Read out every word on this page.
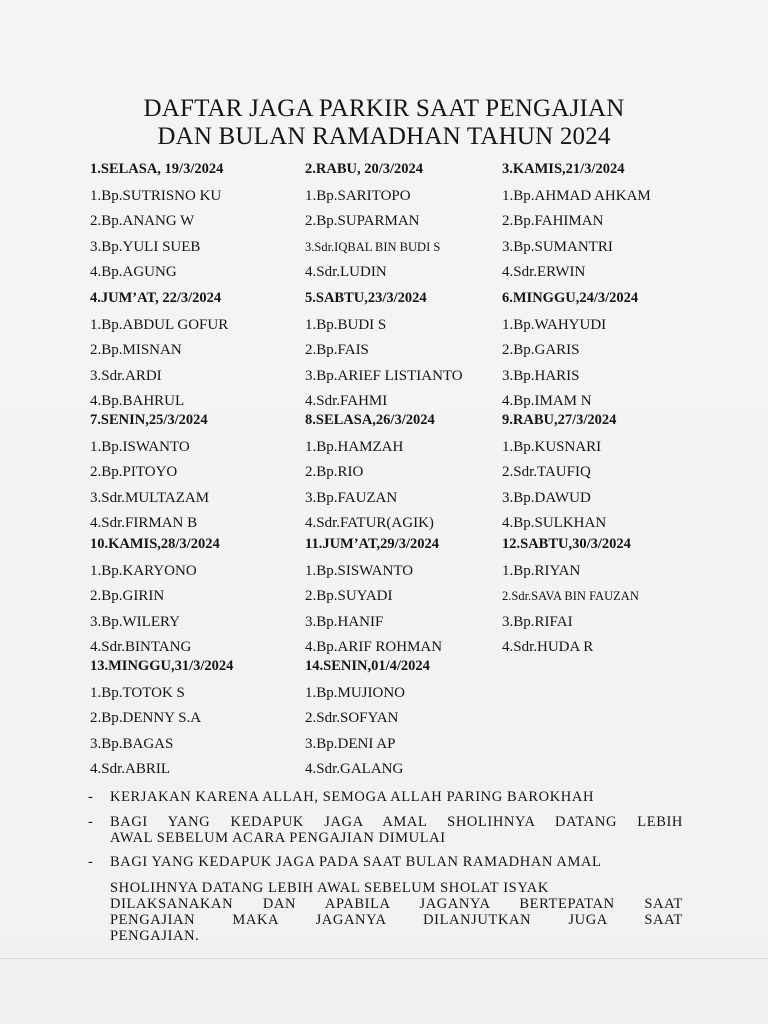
DAFTAR JAGA PARKIR SAAT PENGAJIAN
DAN BULAN RAMADHAN TAHUN 2024
1.SELASA, 19/3/2024
1.Bp.SUTRISNO KU
2.Bp.ANANG W
3.Bp.YULI SUEB
4.Bp.AGUNG
2.RABU, 20/3/2024
1.Bp.SARITOPO
2.Bp.SUPARMAN
3.Sdr.IQBAL BIN BUDI S
4.Sdr.LUDIN
3.KAMIS,21/3/2024
1.Bp.AHMAD AHKAM
2.Bp.FAHIMAN
3.Bp.SUMANTRI
4.Sdr.ERWIN
4.JUM’AT, 22/3/2024
1.Bp.ABDUL GOFUR
2.Bp.MISNAN
3.Sdr.ARDI
4.Bp.BAHRUL
5.SABTU,23/3/2024
1.Bp.BUDI S
2.Bp.FAIS
3.Bp.ARIEF LISTIANTO
4.Sdr.FAHMI
6.MINGGU,24/3/2024
1.Bp.WAHYUDI
2.Bp.GARIS
3.Bp.HARIS
4.Bp.IMAM N
7.SENIN,25/3/2024
1.Bp.ISWANTO
2.Bp.PITOYO
3.Sdr.MULTAZAM
4.Sdr.FIRMAN B
8.SELASA,26/3/2024
1.Bp.HAMZAH
2.Bp.RIO
3.Bp.FAUZAN
4.Sdr.FATUR(AGIK)
9.RABU,27/3/2024
1.Bp.KUSNARI
2.Sdr.TAUFIQ
3.Bp.DAWUD
4.Bp.SULKHAN
10.KAMIS,28/3/2024
1.Bp.KARYONO
2.Bp.GIRIN
3.Bp.WILERY
4.Sdr.BINTANG
11.JUM’AT,29/3/2024
1.Bp.SISWANTO
2.Bp.SUYADI
3.Bp.HANIF
4.Bp.ARIF ROHMAN
12.SABTU,30/3/2024
1.Bp.RIYAN
2.Sdr.SAVA BIN FAUZAN
3.Bp.RIFAI
4.Sdr.HUDA R
13.MINGGU,31/3/2024
1.Bp.TOTOK S
2.Bp.DENNY S.A
3.Bp.BAGAS
4.Sdr.ABRIL
14.SENIN,01/4/2024
1.Bp.MUJIONO
2.Sdr.SOFYAN
3.Bp.DENI AP
4.Sdr.GALANG
- KERJAKAN KARENA ALLAH, SEMOGA ALLAH PARING BAROKHAH
- BAGI YANG KEDAPUK JAGA AMAL SHOLIHNYA DATANG LEBIH
AWAL SEBELUM ACARA PENGAJIAN DIMULAI
- BAGI YANG KEDAPUK JAGA PADA SAAT BULAN RAMADHAN AMAL
SHOLIHNYA DATANG LEBIH AWAL SEBELUM SHOLAT ISYAK
DILAKSANAKAN DAN APABILA JAGANYA BERTEPATAN SAAT
PENGAJIAN MAKA JAGANYA DILANJUTKAN JUGA SAAT
PENGAJIAN.
